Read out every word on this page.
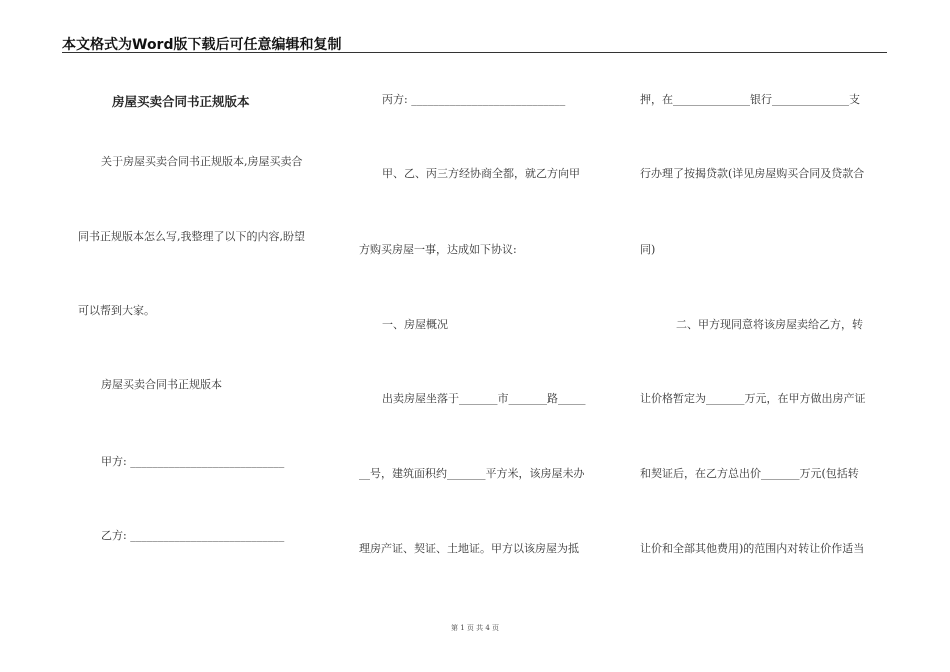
本文格式为Word版下载后可任意编辑和复制
房屋买卖合同书正规版本
关于房屋买卖合同书正规版本,房屋买卖合
同书正规版本怎么写,我整理了以下的内容,盼望
可以帮到大家。
房屋买卖合同书正规版本
甲方: ____________________________
乙方: ____________________________
丙方: ____________________________
甲、乙、丙三方经协商全都，就乙方向甲
方购买房屋一事，达成如下协议:
一、房屋概况
出卖房屋坐落于_______市_______路_____
__号，建筑面积约_______平方米，该房屋未办
理房产证、契证、土地证。甲方以该房屋为抵
押，在______________银行______________支
行办理了按揭贷款(详见房屋购买合同及贷款合
同)
二、甲方现同意将该房屋卖给乙方，转
让价格暂定为_______万元，在甲方做出房产证
和契证后，在乙方总出价_______万元(包括转
让价和全部其他费用)的范围内对转让价作适当
第 1 页 共 4 页
